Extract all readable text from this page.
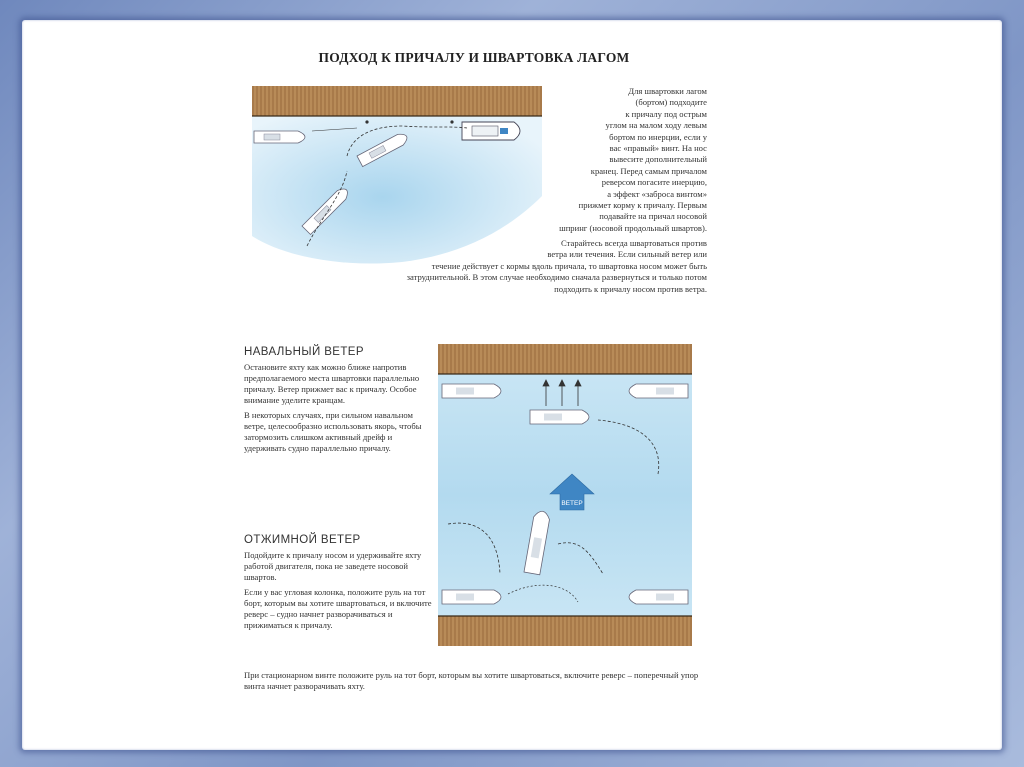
ПОДХОД К ПРИЧАЛУ И ШВАРТОВКА ЛАГОМ
Для швартовки лагом
(бортом) подходите
к причалу под острым
углом на малом ходу левым
бортом по инерции, если у
вас «правый» винт. На нос
вывесите дополнительный
кранец. Перед самым причалом
реверсом погасите инерцию,
а эффект «заброса винтом»
прижмет корму к причалу. Первым
подавайте на причал носовой
шпринг (носовой продольный швартов).
Старайтесь всегда швартоваться против
ветра или течения. Если сильный ветер или
течение действует с кормы вдоль причала, то швартовка носом может быть
затруднительной. В этом случае необходимо сначала развернуться и только потом
подходить к причалу носом против ветра.
НАВАЛЬНЫЙ ВЕТЕР

Остановите яхту как можно ближе напротив предполагаемого места швартовки параллельно причалу. Ветер прижмет вас к причалу. Особое внимание уделите кранцам.

В некоторых случаях, при сильном навальном ветре, целесообразно использовать якорь, чтобы затормозить слишком активный дрейф и удерживать судно параллельно причалу.

ОТЖИМНОЙ ВЕТЕР

Подойдите к причалу носом и удерживайте яхту работой двигателя, пока не заведете носовой швартов.

Если у вас угловая колонка, положите руль на тот борт, которым вы хотите швартоваться, и включите реверс – судно начнет разворачиваться и прижиматься к причалу.

ВЕТЕР
При стационарном винте положите руль на тот борт, которым вы хотите швартоваться, включите реверс – поперечный упор винта начнет разворачивать яхту.
